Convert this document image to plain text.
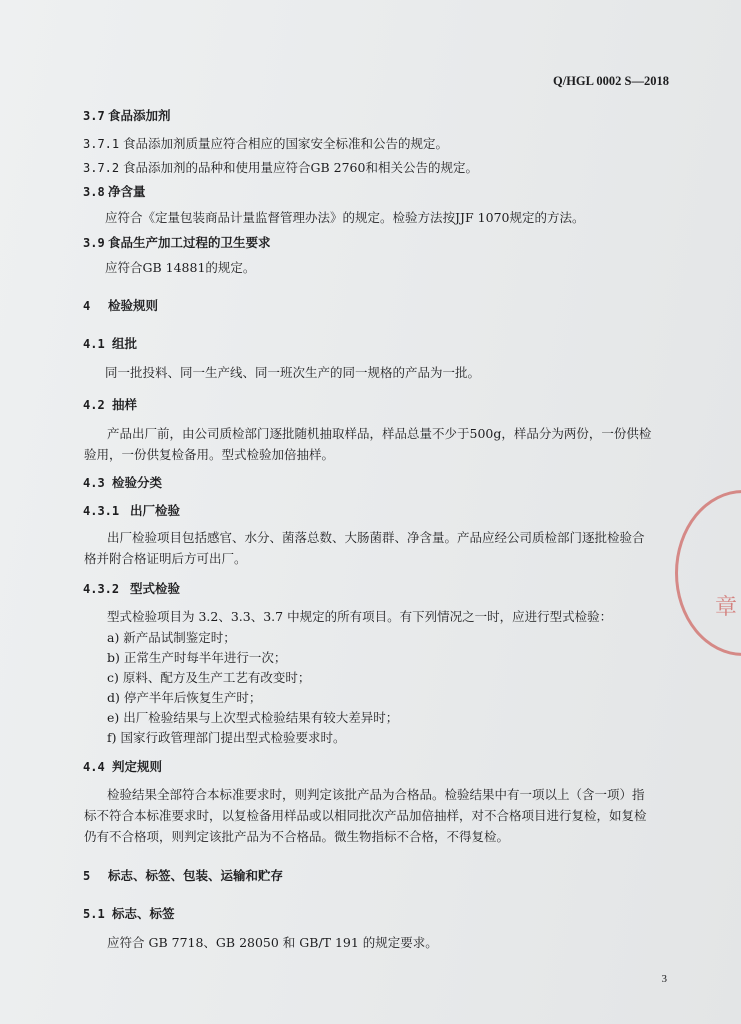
Q/HGL 0002 S—2018
3.7 食品添加剂
3.7.1 食品添加剂质量应符合相应的国家安全标准和公告的规定。
3.7.2 食品添加剂的品种和使用量应符合GB 2760和相关公告的规定。
3.8 净含量
应符合《定量包装商品计量监督管理办法》的规定。检验方法按JJF 1070规定的方法。
3.9 食品生产加工过程的卫生要求
应符合GB 14881的规定。
4 检验规则
4.1 组批
同一批投料、同一生产线、同一班次生产的同一规格的产品为一批。
4.2 抽样
产品出厂前，由公司质检部门逐批随机抽取样品，样品总量不少于500g，样品分为两份，一份供检
验用，一份供复检备用。型式检验加倍抽样。
4.3 检验分类
4.3.1 出厂检验
出厂检验项目包括感官、水分、菌落总数、大肠菌群、净含量。产品应经公司质检部门逐批检验合
格并附合格证明后方可出厂。
4.3.2 型式检验
型式检验项目为 3.2、3.3、3.7 中规定的所有项目。有下列情况之一时，应进行型式检验：
a) 新产品试制鉴定时；
b) 正常生产时每半年进行一次；
c) 原料、配方及生产工艺有改变时；
d) 停产半年后恢复生产时；
e) 出厂检验结果与上次型式检验结果有较大差异时；
f) 国家行政管理部门提出型式检验要求时。
4.4 判定规则
检验结果全部符合本标准要求时，则判定该批产品为合格品。检验结果中有一项以上（含一项）指
标不符合本标准要求时，以复检备用样品或以相同批次产品加倍抽样，对不合格项目进行复检，如复检
仍有不合格项，则判定该批产品为不合格品。微生物指标不合格，不得复检。
5 标志、标签、包装、运输和贮存
5.1 标志、标签
应符合 GB 7718、GB 28050 和 GB/T 191 的规定要求。
章
3
